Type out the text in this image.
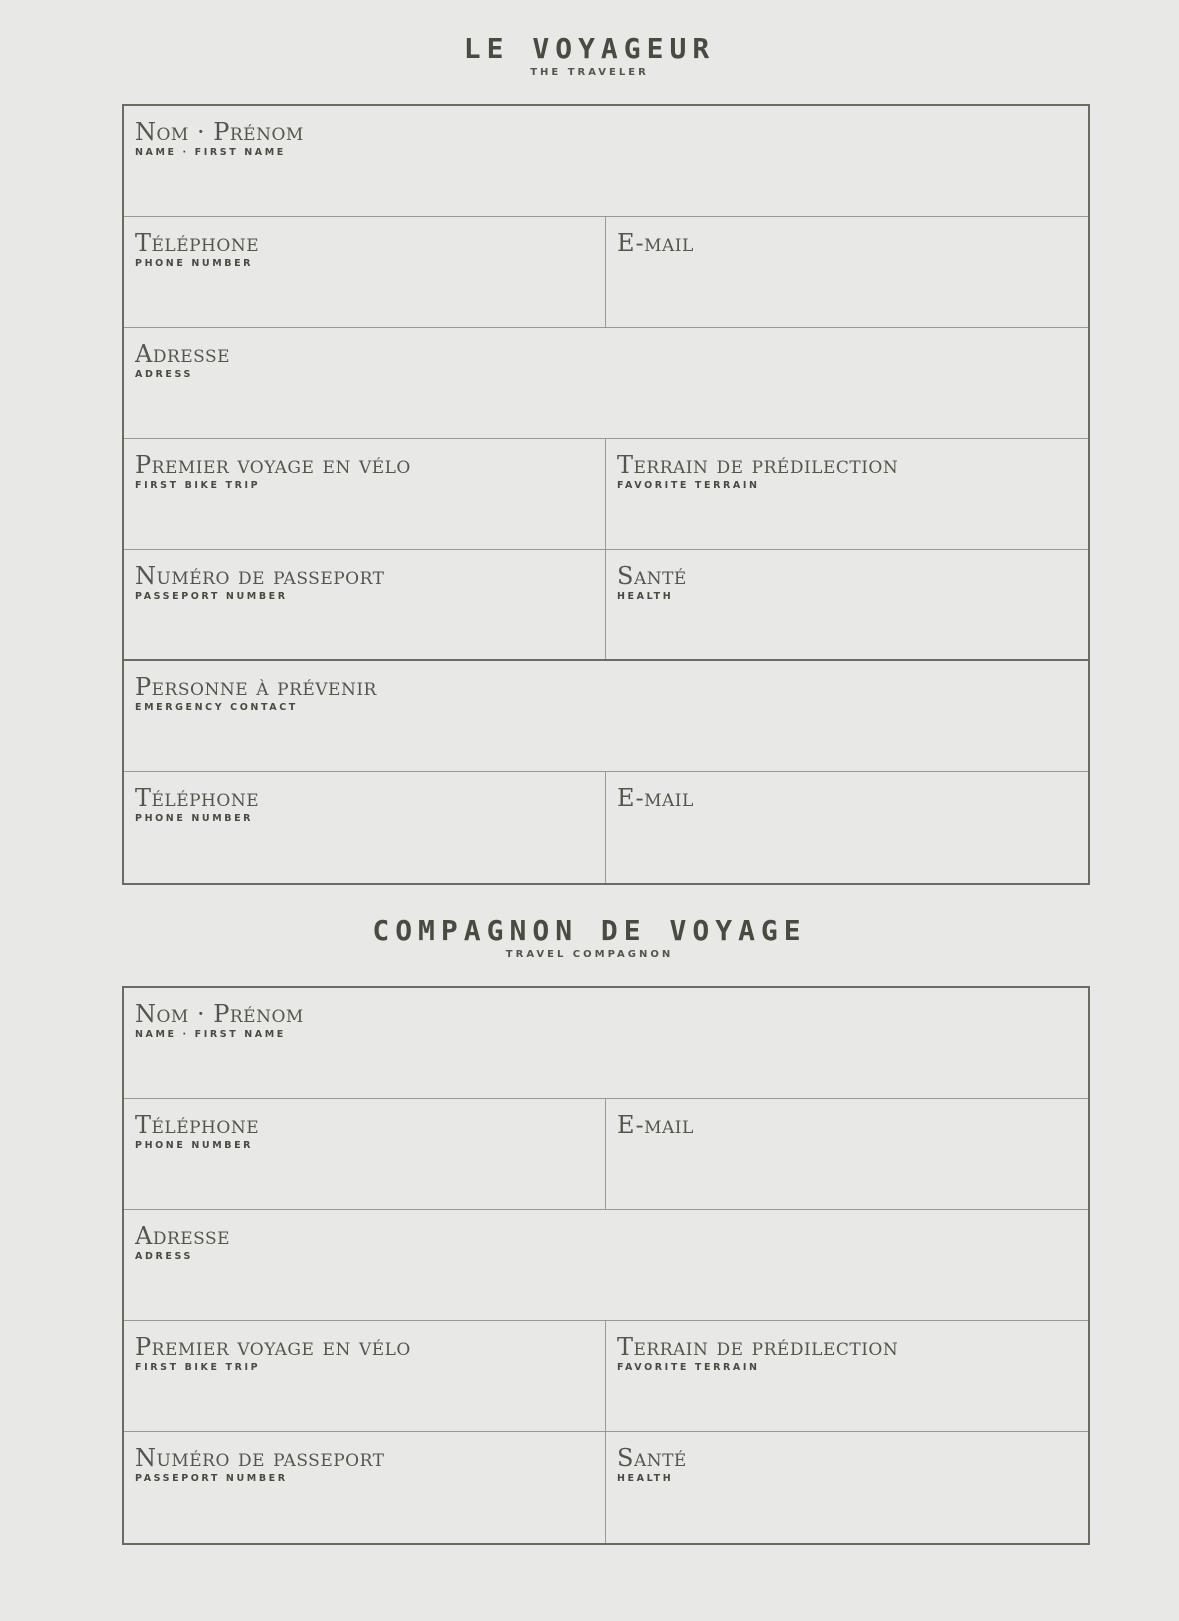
LE VOYAGEUR
THE TRAVELER
Nom · Prénom
NAME · FIRST NAME
Téléphone
PHONE NUMBER
E-mail
Adresse
ADRESS
Premier voyage en vélo
FIRST BIKE TRIP
Terrain de prédilection
FAVORITE TERRAIN
Numéro de passeport
PASSEPORT NUMBER
Santé
HEALTH
Personne à prévenir
EMERGENCY CONTACT
Téléphone
PHONE NUMBER
E-mail
COMPAGNON DE VOYAGE
TRAVEL COMPAGNON
Nom · Prénom
NAME · FIRST NAME
Téléphone
PHONE NUMBER
E-mail
Adresse
ADRESS
Premier voyage en vélo
FIRST BIKE TRIP
Terrain de prédilection
FAVORITE TERRAIN
Numéro de passeport
PASSEPORT NUMBER
Santé
HEALTH
